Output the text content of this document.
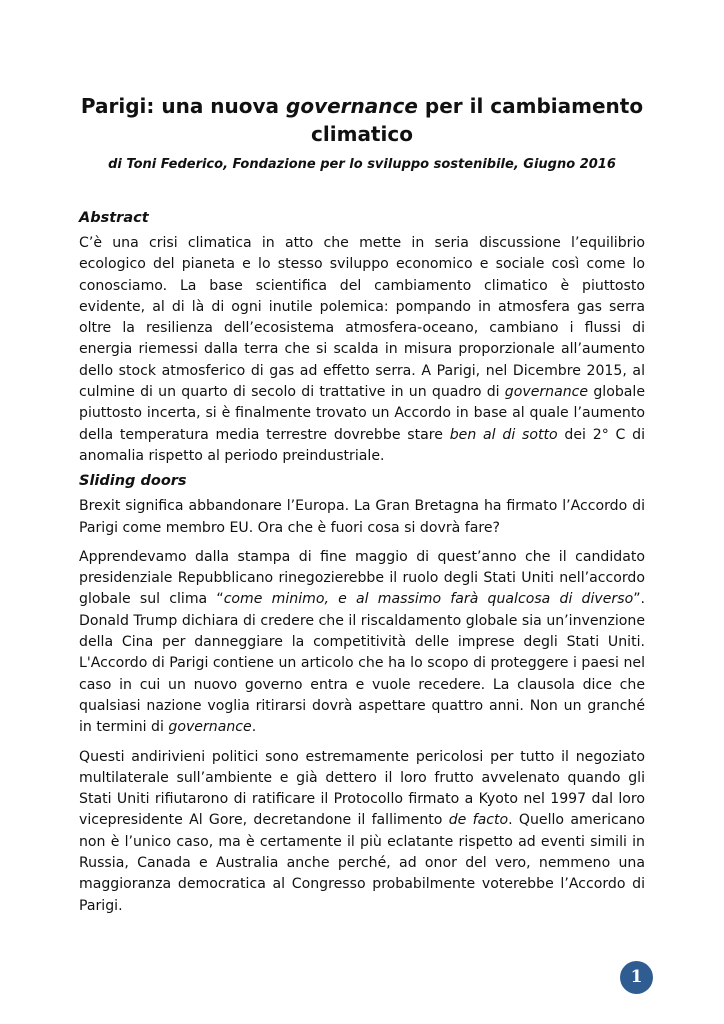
Parigi: una nuova governance per il cambiamento climatico

di Toni Federico, Fondazione per lo sviluppo sostenibile, Giugno 2016

Abstract

C’è una crisi climatica in atto che mette in seria discussione l’equilibrio ecologico del pianeta e lo stesso sviluppo economico e sociale così come lo conosciamo. La base scientifica del cambiamento climatico è piuttosto evidente, al di là di ogni inutile polemica: pompando in atmosfera gas serra oltre la resilienza dell’ecosistema atmosfera-oceano, cambiano i flussi di energia riemessi dalla terra che si scalda in misura proporzionale all’aumento dello stock atmosferico di gas ad effetto serra. A Parigi, nel Dicembre 2015, al culmine di un quarto di secolo di trattative in un quadro di governance globale piuttosto incerta, si è finalmente trovato un Accordo in base al quale l’aumento della temperatura media terrestre dovrebbe stare ben al di sotto dei 2° C di anomalia rispetto al periodo preindustriale.

Sliding doors

Brexit significa abbandonare l’Europa. La Gran Bretagna ha firmato l’Accordo di Parigi come membro EU. Ora che è fuori cosa si dovrà fare?

Apprendevamo dalla stampa di fine maggio di quest’anno che il candidato presidenziale Repubblicano rinegozierebbe il ruolo degli Stati Uniti nell’accordo globale sul clima “come minimo, e al massimo farà qualcosa di diverso”. Donald Trump dichiara di credere che il riscaldamento globale sia un’invenzione della Cina per danneggiare la competitività delle imprese degli Stati Uniti. L'Accordo di Parigi contiene un articolo che ha lo scopo di proteggere i paesi nel caso in cui un nuovo governo entra e vuole recedere. La clausola dice che qualsiasi nazione voglia ritirarsi dovrà aspettare quattro anni. Non un granché in termini di governance.

Questi andirivieni politici sono estremamente pericolosi per tutto il negoziato multilaterale sull’ambiente e già dettero il loro frutto avvelenato quando gli Stati Uniti rifiutarono di ratificare il Protocollo firmato a Kyoto nel 1997 dal loro vicepresidente Al Gore, decretandone il fallimento de facto. Quello americano non è l’unico caso, ma è certamente il più eclatante rispetto ad eventi simili in Russia, Canada e Australia anche perché, ad onor del vero, nemmeno una maggioranza democratica al Congresso probabilmente voterebbe l’Accordo di Parigi.

1
